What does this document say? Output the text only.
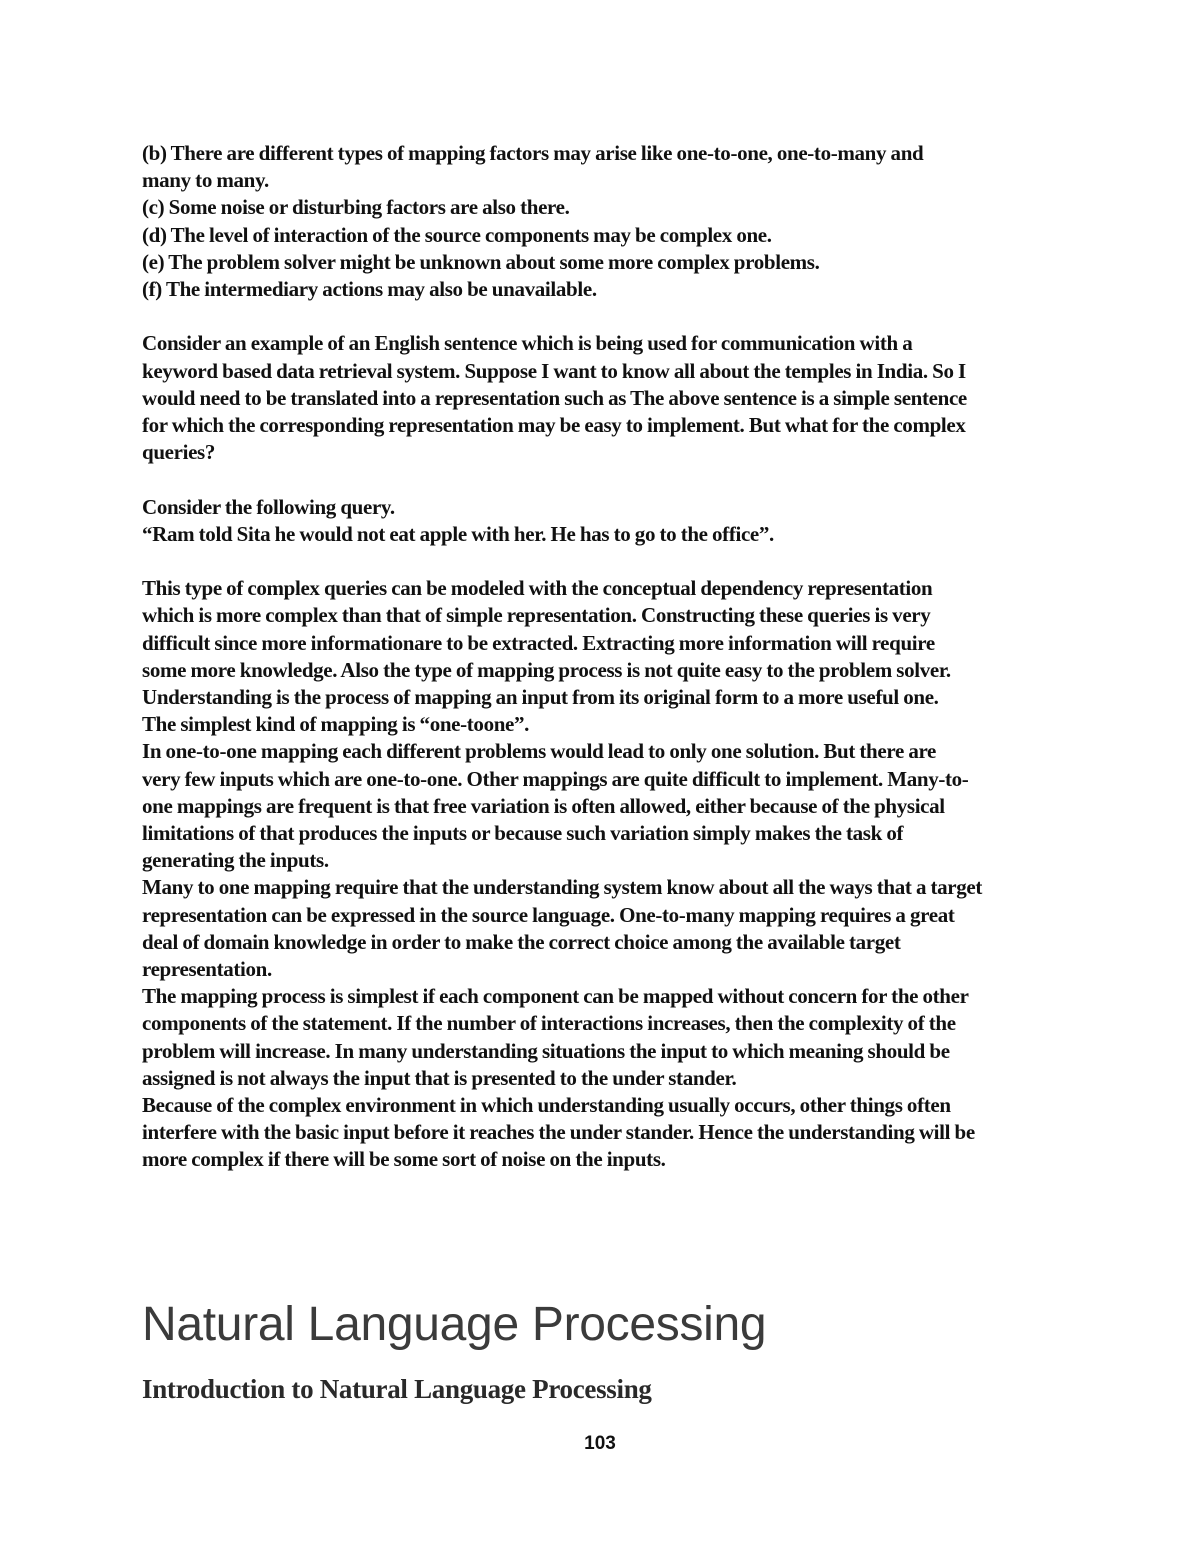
(b) There are different types of mapping factors may arise like one-to-one, one-to-many and
many to many.
(c) Some noise or disturbing factors are also there.
(d) The level of interaction of the source components may be complex one.
(e) The problem solver might be unknown about some more complex problems.
(f) The intermediary actions may also be unavailable.
Consider an example of an English sentence which is being used for communication with a
keyword based data retrieval system. Suppose I want to know all about the temples in India. So I
would need to be translated into a representation such as The above sentence is a simple sentence
for which the corresponding representation may be easy to implement. But what for the complex
queries?
Consider the following query.
“Ram told Sita he would not eat apple with her. He has to go to the office”.
This type of complex queries can be modeled with the conceptual dependency representation
which is more complex than that of simple representation. Constructing these queries is very
difficult since more informationare to be extracted. Extracting more information will require
some more knowledge. Also the type of mapping process is not quite easy to the problem solver.
Understanding is the process of mapping an input from its original form to a more useful one.
The simplest kind of mapping is “one-toone”.
In one-to-one mapping each different problems would lead to only one solution. But there are
very few inputs which are one-to-one. Other mappings are quite difficult to implement. Many-to-
one mappings are frequent is that free variation is often allowed, either because of the physical
limitations of that produces the inputs or because such variation simply makes the task of
generating the inputs.
Many to one mapping require that the understanding system know about all the ways that a target
representation can be expressed in the source language. One-to-many mapping requires a great
deal of domain knowledge in order to make the correct choice among the available target
representation.
The mapping process is simplest if each component can be mapped without concern for the other
components of the statement. If the number of interactions increases, then the complexity of the
problem will increase. In many understanding situations the input to which meaning should be
assigned is not always the input that is presented to the under stander.
Because of the complex environment in which understanding usually occurs, other things often
interfere with the basic input before it reaches the under stander. Hence the understanding will be
more complex if there will be some sort of noise on the inputs.
Natural Language Processing
Introduction to Natural Language Processing
103
